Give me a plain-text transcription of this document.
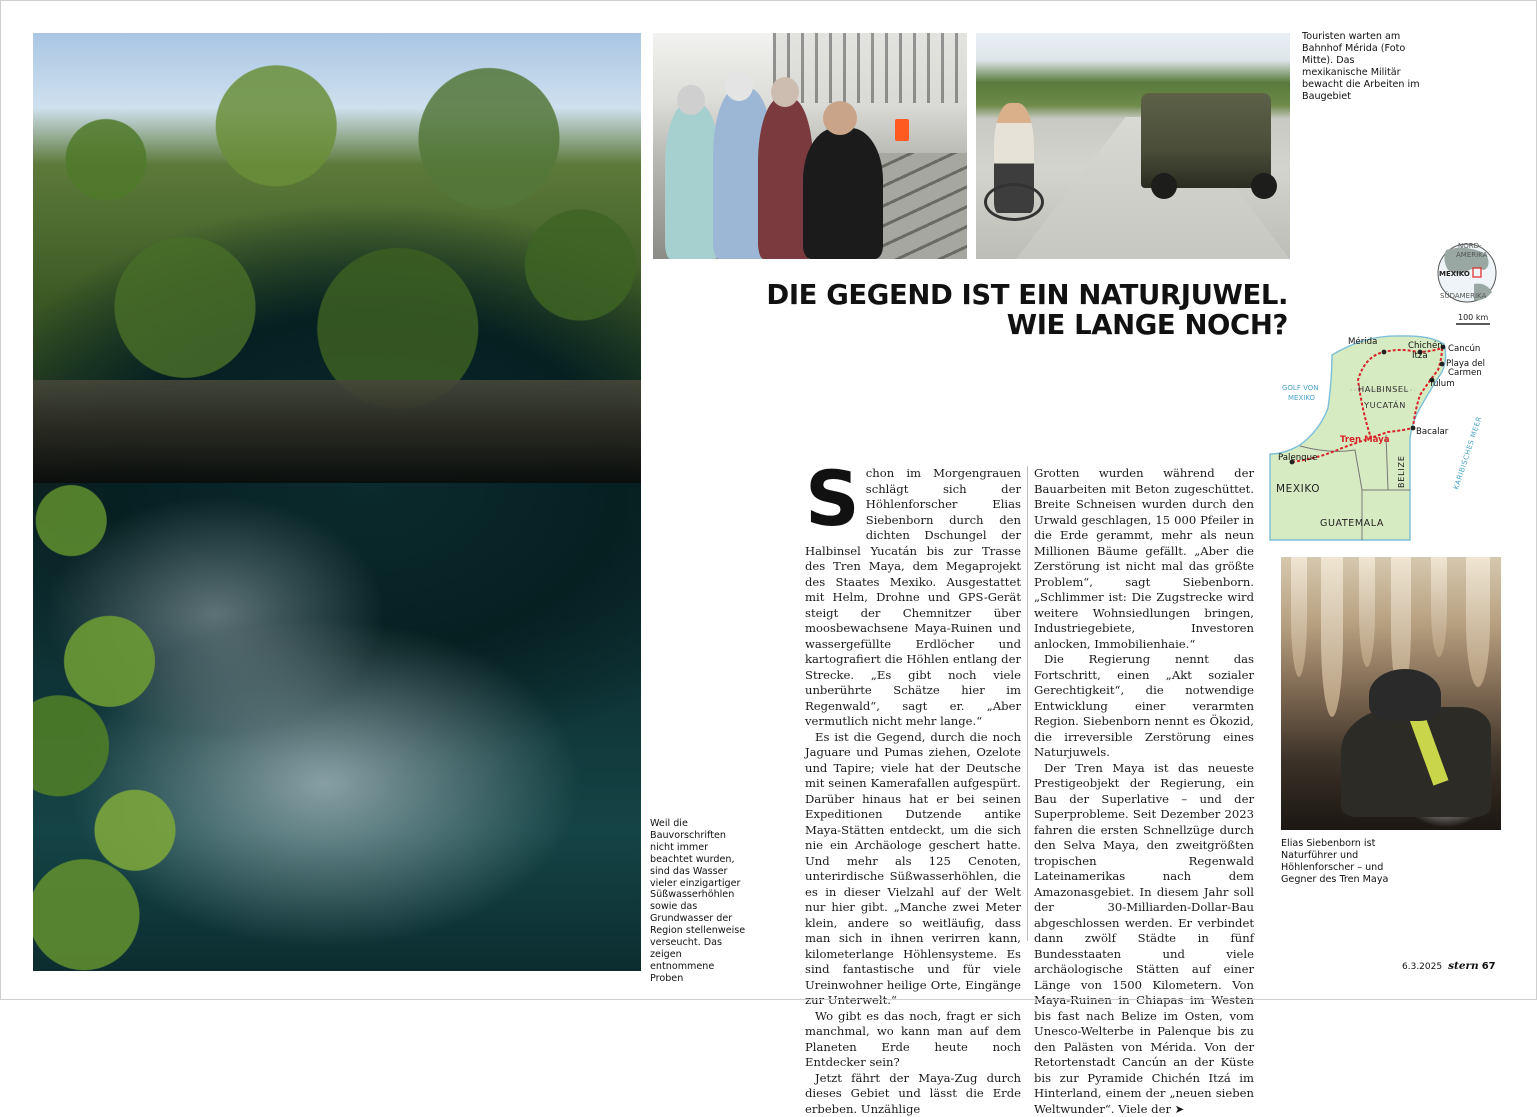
Touristen warten am Bahnhof Mérida (Foto Mitte). Das mexikanische Militär bewacht die Arbeiten im Baugebiet
DIE GEGEND IST EIN NATURJUWEL.
WIE LANGE NOCH?
NORD-
AMERIKA
MEXIKO
SÜDAMERIKA
100 km
Mérida	Chichén
Itzá
Cancún
Playa del
Carmen
Tulum
Bacalar
Palenque
GOLF VON
MEXIKO
HALBINSEL
YUCATÁN
KARIBISCHES MEER
Tren Maya
MEXIKO
BELIZE
GUATEMALA

Schon im Morgengrauen schlägt sich der Höhlenforscher Elias Siebenborn durch den dichten Dschungel der Halbinsel Yucatán bis zur Trasse des Tren Maya, dem Megaprojekt des Staates Mexiko. Ausgestattet mit Helm, Drohne und GPS-Gerät steigt der Chemnitzer über moosbewachsene Maya-Ruinen und wassergefüllte Erdlöcher und kartografiert die Höhlen entlang der Strecke. „Es gibt noch viele unberührte Schätze hier im Regenwald“, sagt er. „Aber vermutlich nicht mehr lange.“

Es ist die Gegend, durch die noch Jaguare und Pumas ziehen, Ozelote und Tapire; viele hat der Deutsche mit seinen Kamerafallen aufgespürt. Darüber hinaus hat er bei seinen Expeditionen Dutzende antike Maya-Stätten entdeckt, um die sich nie ein Archäologe geschert hatte. Und mehr als 125 Cenoten, unterirdische Süßwasserhöhlen, die es in dieser Vielzahl auf der Welt nur hier gibt. „Manche zwei Meter klein, andere so weitläufig, dass man sich in ihnen verirren kann, kilometerlange Höhlensysteme. Es sind fantastische und für viele Ureinwohner heilige Orte, Eingänge zur Unterwelt.“

Wo gibt es das noch, fragt er sich manchmal, wo kann man auf dem Planeten Erde heute noch Entdecker sein?

Jetzt fährt der Maya-Zug durch dieses Gebiet und lässt die Erde erbeben. Unzählige

Grotten wurden während der Bauarbeiten mit Beton zugeschüttet. Breite Schneisen wurden durch den Urwald geschlagen, 15 000 Pfeiler in die Erde gerammt, mehr als neun Millionen Bäume gefällt. „Aber die Zerstörung ist nicht mal das größte Problem“, sagt Siebenborn. „Schlimmer ist: Die Zugstrecke wird weitere Wohnsiedlungen bringen, Industriegebiete, Investoren anlocken, Immobilienhaie.“

Die Regierung nennt das Fortschritt, einen „Akt sozialer Gerechtigkeit“, die notwendige Entwicklung einer verarmten Region. Siebenborn nennt es Ökozid, die irreversible Zerstörung eines Naturjuwels.

Der Tren Maya ist das neueste Prestigeobjekt der Regierung, ein Bau der Superlative – und der Superprobleme. Seit Dezember 2023 fahren die ersten Schnellzüge durch den Selva Maya, den zweitgrößten tropischen Regenwald Lateinamerikas nach dem Amazonasgebiet. In diesem Jahr soll der 30-Milliarden-Dollar-Bau abgeschlossen werden. Er verbindet dann zwölf Städte in fünf Bundesstaaten und viele archäologische Stätten auf einer Länge von 1500 Kilometern. Von Maya-Ruinen in Chiapas im Westen bis fast nach Belize im Osten, vom Unesco-Welterbe in Palenque bis zu den Palästen von Mérida. Von der Retortenstadt Cancún an der Küste bis zur Pyramide Chichén Itzá im Hinterland, einem der „neuen sieben Weltwunder“. Viele der ➤

Weil die Bauvorschriften nicht immer beachtet wurden, sind das Wasser vieler einzigartiger Süßwasserhöhlen sowie das Grundwasser der Region stellenweise verseucht. Das zeigen entnommene Proben
Elias Siebenborn ist Naturführer und Höhlenforscher – und Gegner des Tren Maya
6.3.2025 stern 67
